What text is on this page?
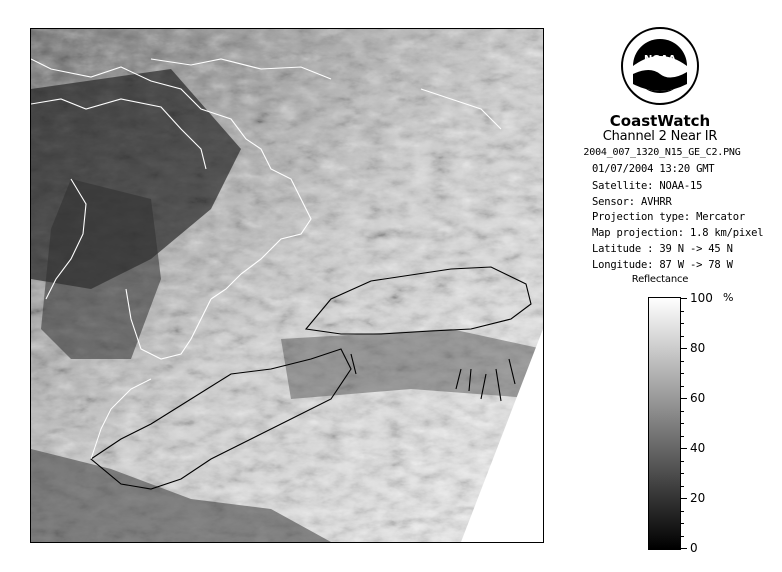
NOAA
CoastWatch
Channel 2 Near IR
2004_007_1320_N15_GE_C2.PNG
01/07/2004 13:20 GMT
Satellite: NOAA-15
Sensor: AVHRR
Projection type: Mercator
Map projection: 1.8 km/pixel
Latitude : 39 N -> 45 N
Longitude: 87 W -> 78 W
Reflectance
%
100
80
60
40
20
0
